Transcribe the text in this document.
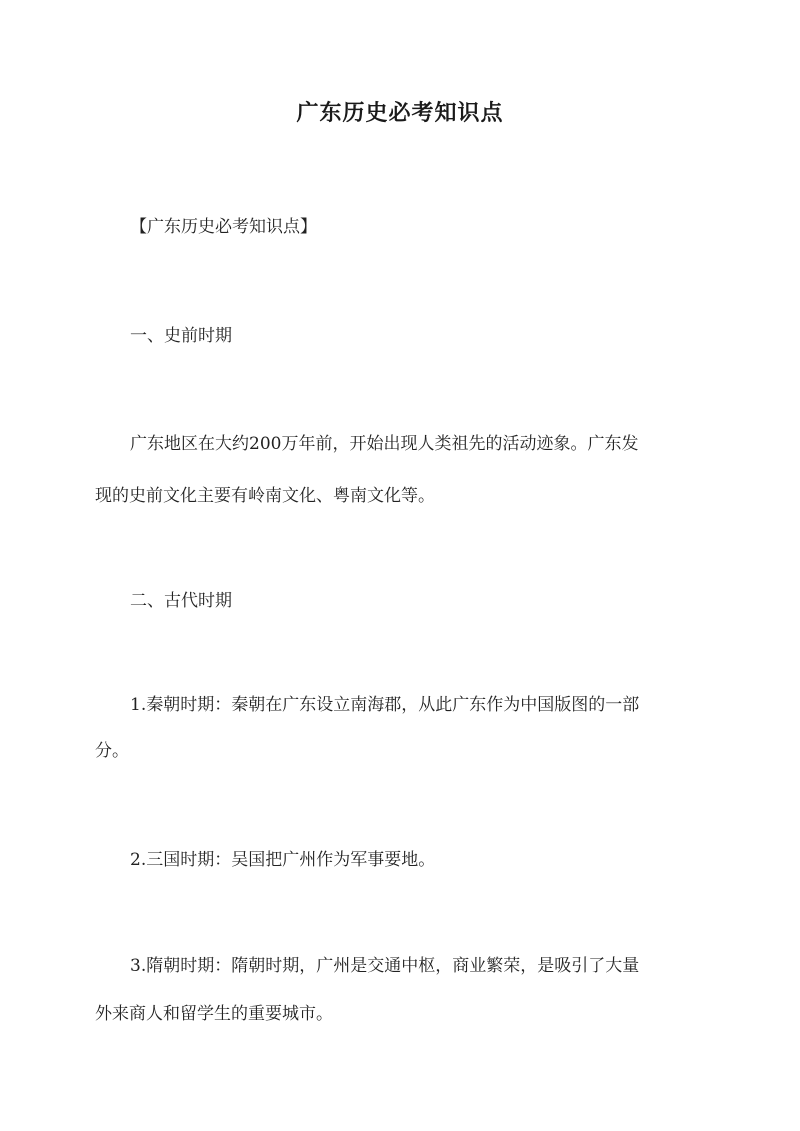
广东历史必考知识点
【广东历史必考知识点】
一、史前时期
广东地区在大约200万年前，开始出现人类祖先的活动迹象。广东发
现的史前文化主要有岭南文化、粤南文化等。
二、古代时期
1.秦朝时期：秦朝在广东设立南海郡，从此广东作为中国版图的一部
分。
2.三国时期：吴国把广州作为军事要地。
3.隋朝时期：隋朝时期，广州是交通中枢，商业繁荣，是吸引了大量
外来商人和留学生的重要城市。
